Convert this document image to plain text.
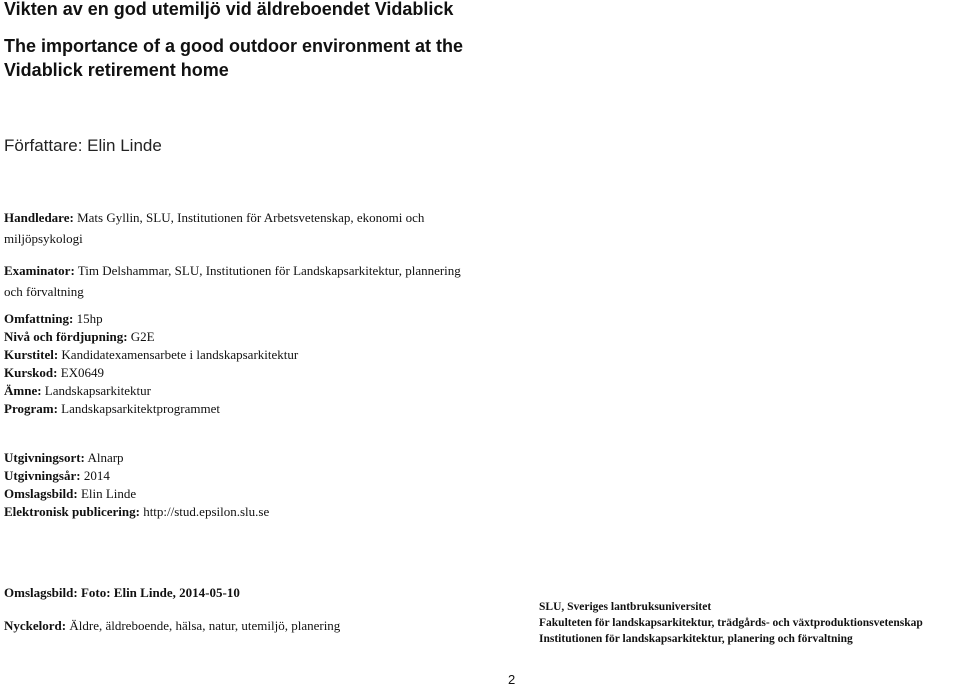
Vikten av en god utemiljö vid äldreboendet Vidablick
The importance of a good outdoor environment at the Vidablick retirement home
Författare: Elin Linde
Handledare: Mats Gyllin, SLU, Institutionen för Arbetsvetenskap, ekonomi och miljöpsykologi
Examinator: Tim Delshammar, SLU, Institutionen för Landskapsarkitektur, plannering och förvaltning
Omfattning: 15hp
Nivå och fördjupning: G2E
Kurstitel: Kandidatexamensarbete i landskapsarkitektur
Kurskod: EX0649
Ämne: Landskapsarkitektur
Program: Landskapsarkitektprogrammet
Utgivningsort: Alnarp
Utgivningsår: 2014
Omslagsbild: Elin Linde
Elektronisk publicering: http://stud.epsilon.slu.se
Omslagsbild: Foto: Elin Linde, 2014-05-10
Nyckelord: Äldre, äldreboende, hälsa, natur, utemiljö, planering
SLU, Sveriges lantbruksuniversitet
Fakulteten för landskapsarkitektur, trädgårds- och växtproduktionsvetenskap
Institutionen för landskapsarkitektur, planering och förvaltning
2
